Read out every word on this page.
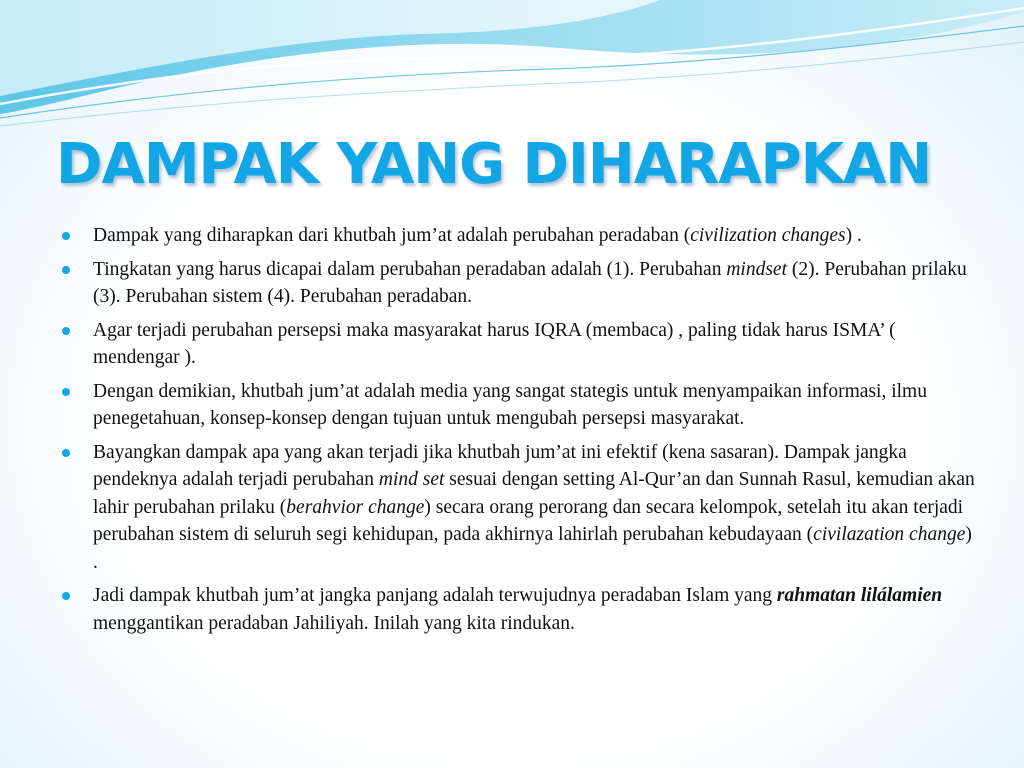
DAMPAK YANG DIHARAPKAN
Dampak yang diharapkan dari khutbah jum’at adalah perubahan peradaban (civilization changes) .
Tingkatan yang harus dicapai dalam perubahan peradaban adalah (1). Perubahan mindset (2). Perubahan prilaku (3). Perubahan sistem (4). Perubahan peradaban.
Agar terjadi perubahan persepsi maka masyarakat harus IQRA (membaca) , paling tidak harus ISMA’ ( mendengar ).
Dengan demikian, khutbah jum’at adalah media yang sangat stategis untuk menyampaikan informasi, ilmu penegetahuan, konsep-konsep dengan tujuan untuk mengubah persepsi masyarakat.
Bayangkan dampak apa yang akan terjadi jika khutbah jum’at ini efektif (kena sasaran). Dampak jangka pendeknya adalah terjadi perubahan mind set sesuai dengan setting Al-Qur’an dan Sunnah Rasul, kemudian akan lahir perubahan prilaku (berahvior change) secara orang perorang dan secara kelompok, setelah itu akan terjadi perubahan sistem di seluruh segi kehidupan, pada akhirnya lahirlah perubahan kebudayaan (civilazation change) .
Jadi dampak khutbah jum’at jangka panjang adalah terwujudnya peradaban Islam yang rahmatan lilálamien menggantikan peradaban Jahiliyah. Inilah yang kita rindukan.
